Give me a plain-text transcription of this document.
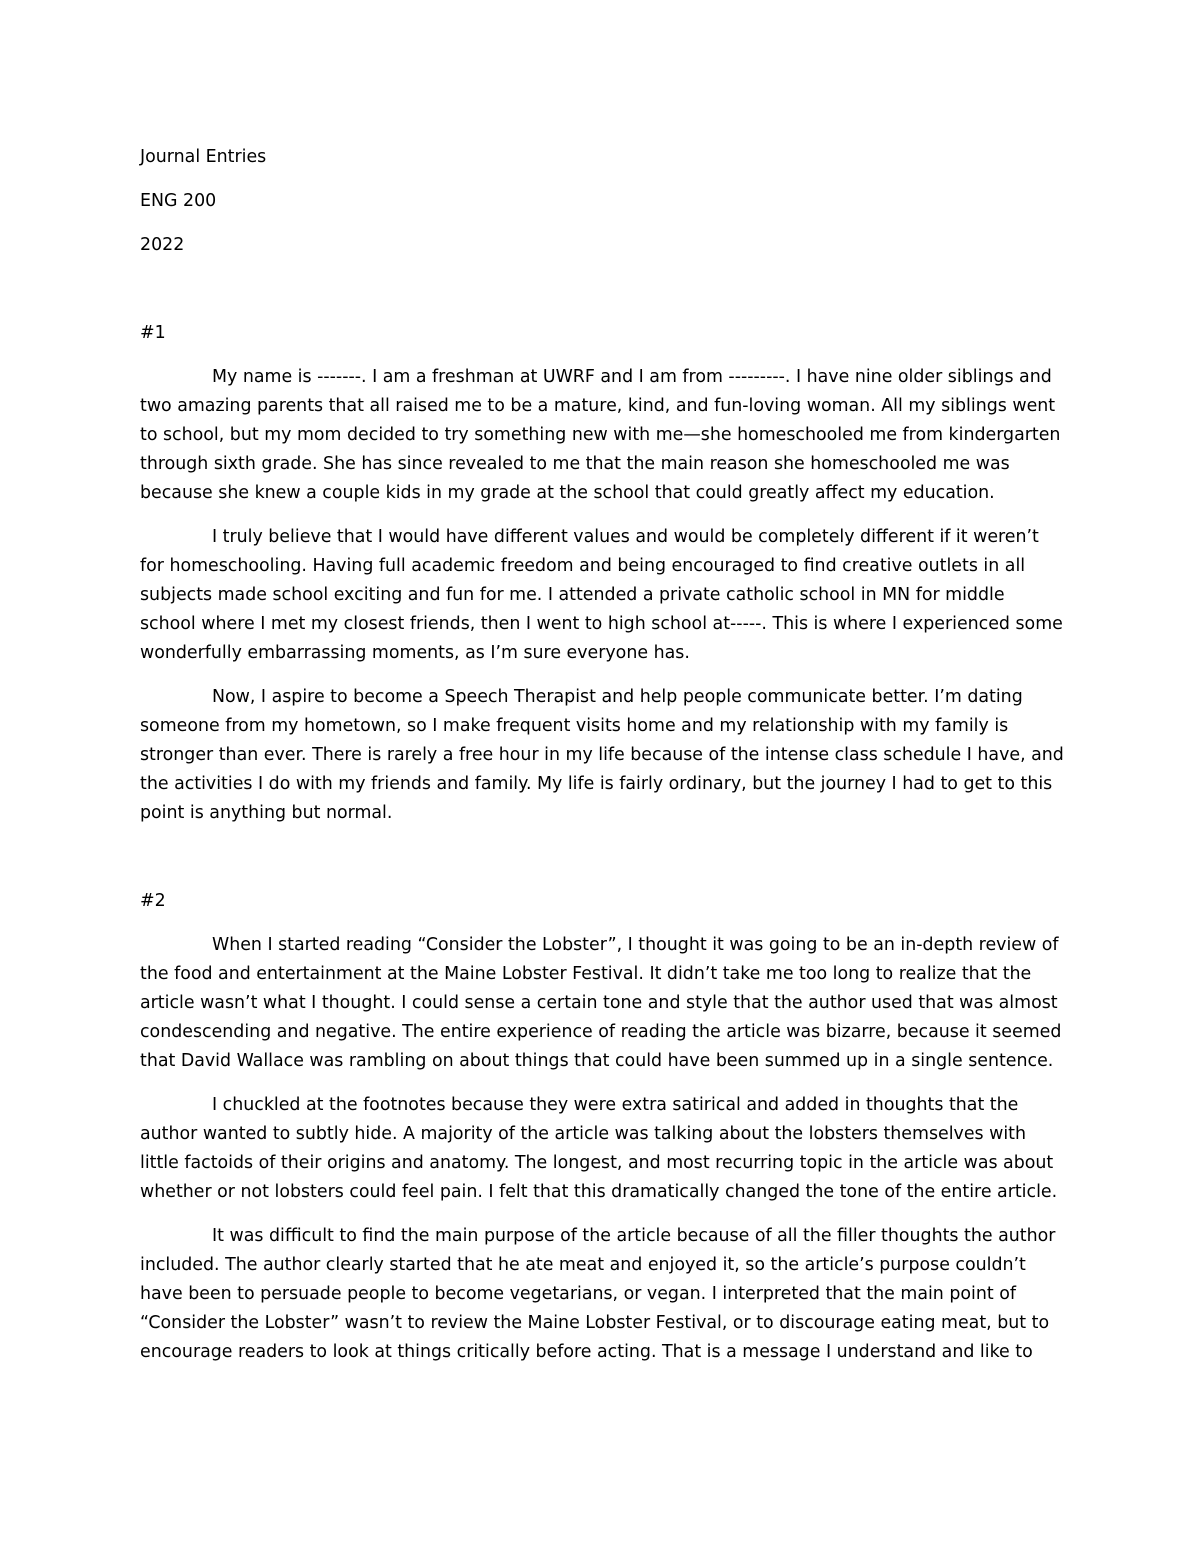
Journal Entries

ENG 200

2022

#1

My name is -------. I am a freshman at UWRF and I am from ---------. I have nine older siblings and two amazing parents that all raised me to be a mature, kind, and fun-loving woman. All my siblings went to school, but my mom decided to try something new with me—she homeschooled me from kindergarten through sixth grade. She has since revealed to me that the main reason she homeschooled me was because she knew a couple kids in my grade at the school that could greatly affect my education.

I truly believe that I would have different values and would be completely different if it weren’t for homeschooling. Having full academic freedom and being encouraged to find creative outlets in all subjects made school exciting and fun for me. I attended a private catholic school in MN for middle school where I met my closest friends, then I went to high school at-----. This is where I experienced some wonderfully embarrassing moments, as I’m sure everyone has.

Now, I aspire to become a Speech Therapist and help people communicate better. I’m dating someone from my hometown, so I make frequent visits home and my relationship with my family is stronger than ever. There is rarely a free hour in my life because of the intense class schedule I have, and the activities I do with my friends and family. My life is fairly ordinary, but the journey I had to get to this point is anything but normal.

#2

When I started reading “Consider the Lobster”, I thought it was going to be an in-depth review of the food and entertainment at the Maine Lobster Festival. It didn’t take me too long to realize that the article wasn’t what I thought. I could sense a certain tone and style that the author used that was almost condescending and negative. The entire experience of reading the article was bizarre, because it seemed that David Wallace was rambling on about things that could have been summed up in a single sentence.

I chuckled at the footnotes because they were extra satirical and added in thoughts that the author wanted to subtly hide. A majority of the article was talking about the lobsters themselves with little factoids of their origins and anatomy. The longest, and most recurring topic in the article was about whether or not lobsters could feel pain. I felt that this dramatically changed the tone of the entire article.

It was difficult to find the main purpose of the article because of all the filler thoughts the author included. The author clearly started that he ate meat and enjoyed it, so the article’s purpose couldn’t have been to persuade people to become vegetarians, or vegan. I interpreted that the main point of “Consider the Lobster” wasn’t to review the Maine Lobster Festival, or to discourage eating meat, but to encourage readers to look at things critically before acting. That is a message I understand and like to
